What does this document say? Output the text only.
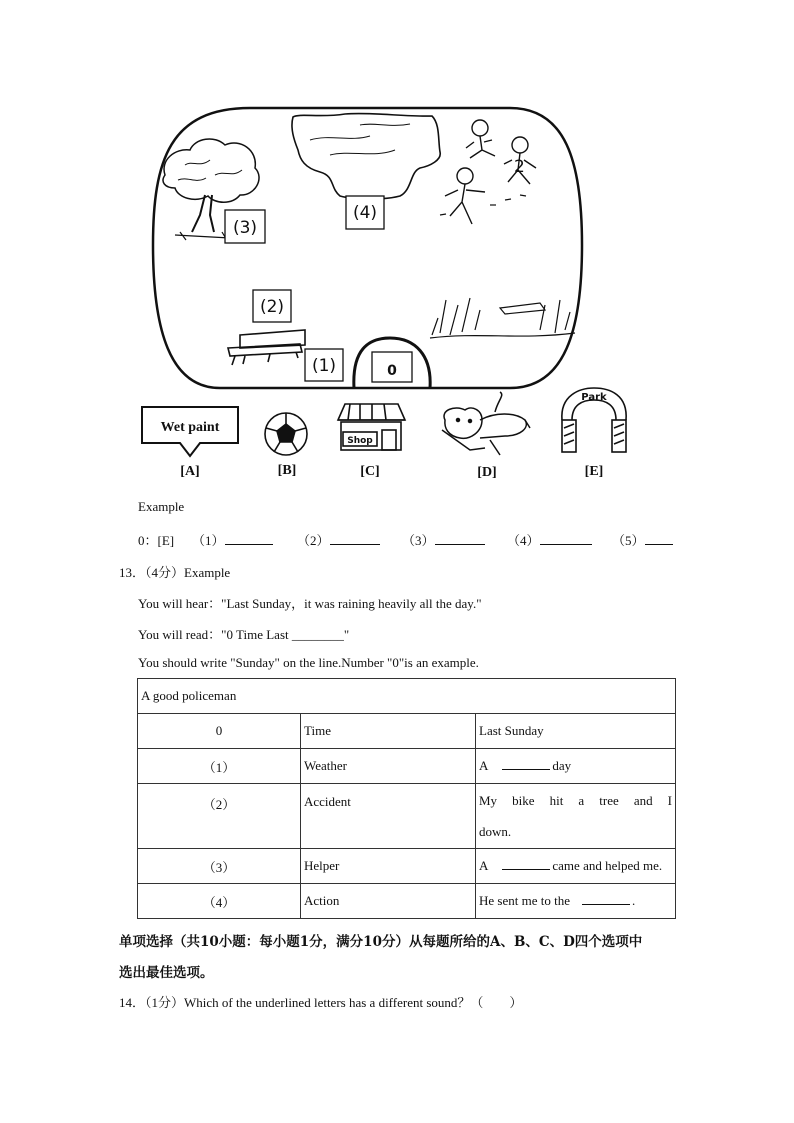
2
(3)
(4)
(2)
(1)	0
Wet paint
Shop
Park
[A]	[B]	[C]	[D]	[E]
Example
0：[E] （1）	（2）	（3）	（4）	（5）
13．（4分）Example
You will hear："Last Sunday，it was raining heavily all the day."
You will read："0 Time Last ________"
You should write "Sunday" on the line.Number "0"is an example.
A good policeman		
0	Time	Last Sunday
（1）	Weather	A day
（2）	Accident	My bike hit a tree and I
down.

（3）	Helper	A came and helped me.
（4）	Action	He sent me to the .
单项选择（共10小题：每小题1分，满分10分）从每题所给的A、B、C、D四个选项中
选出最佳选项。
14．（1分）Which of the underlined letters has a different sound？（　　）
